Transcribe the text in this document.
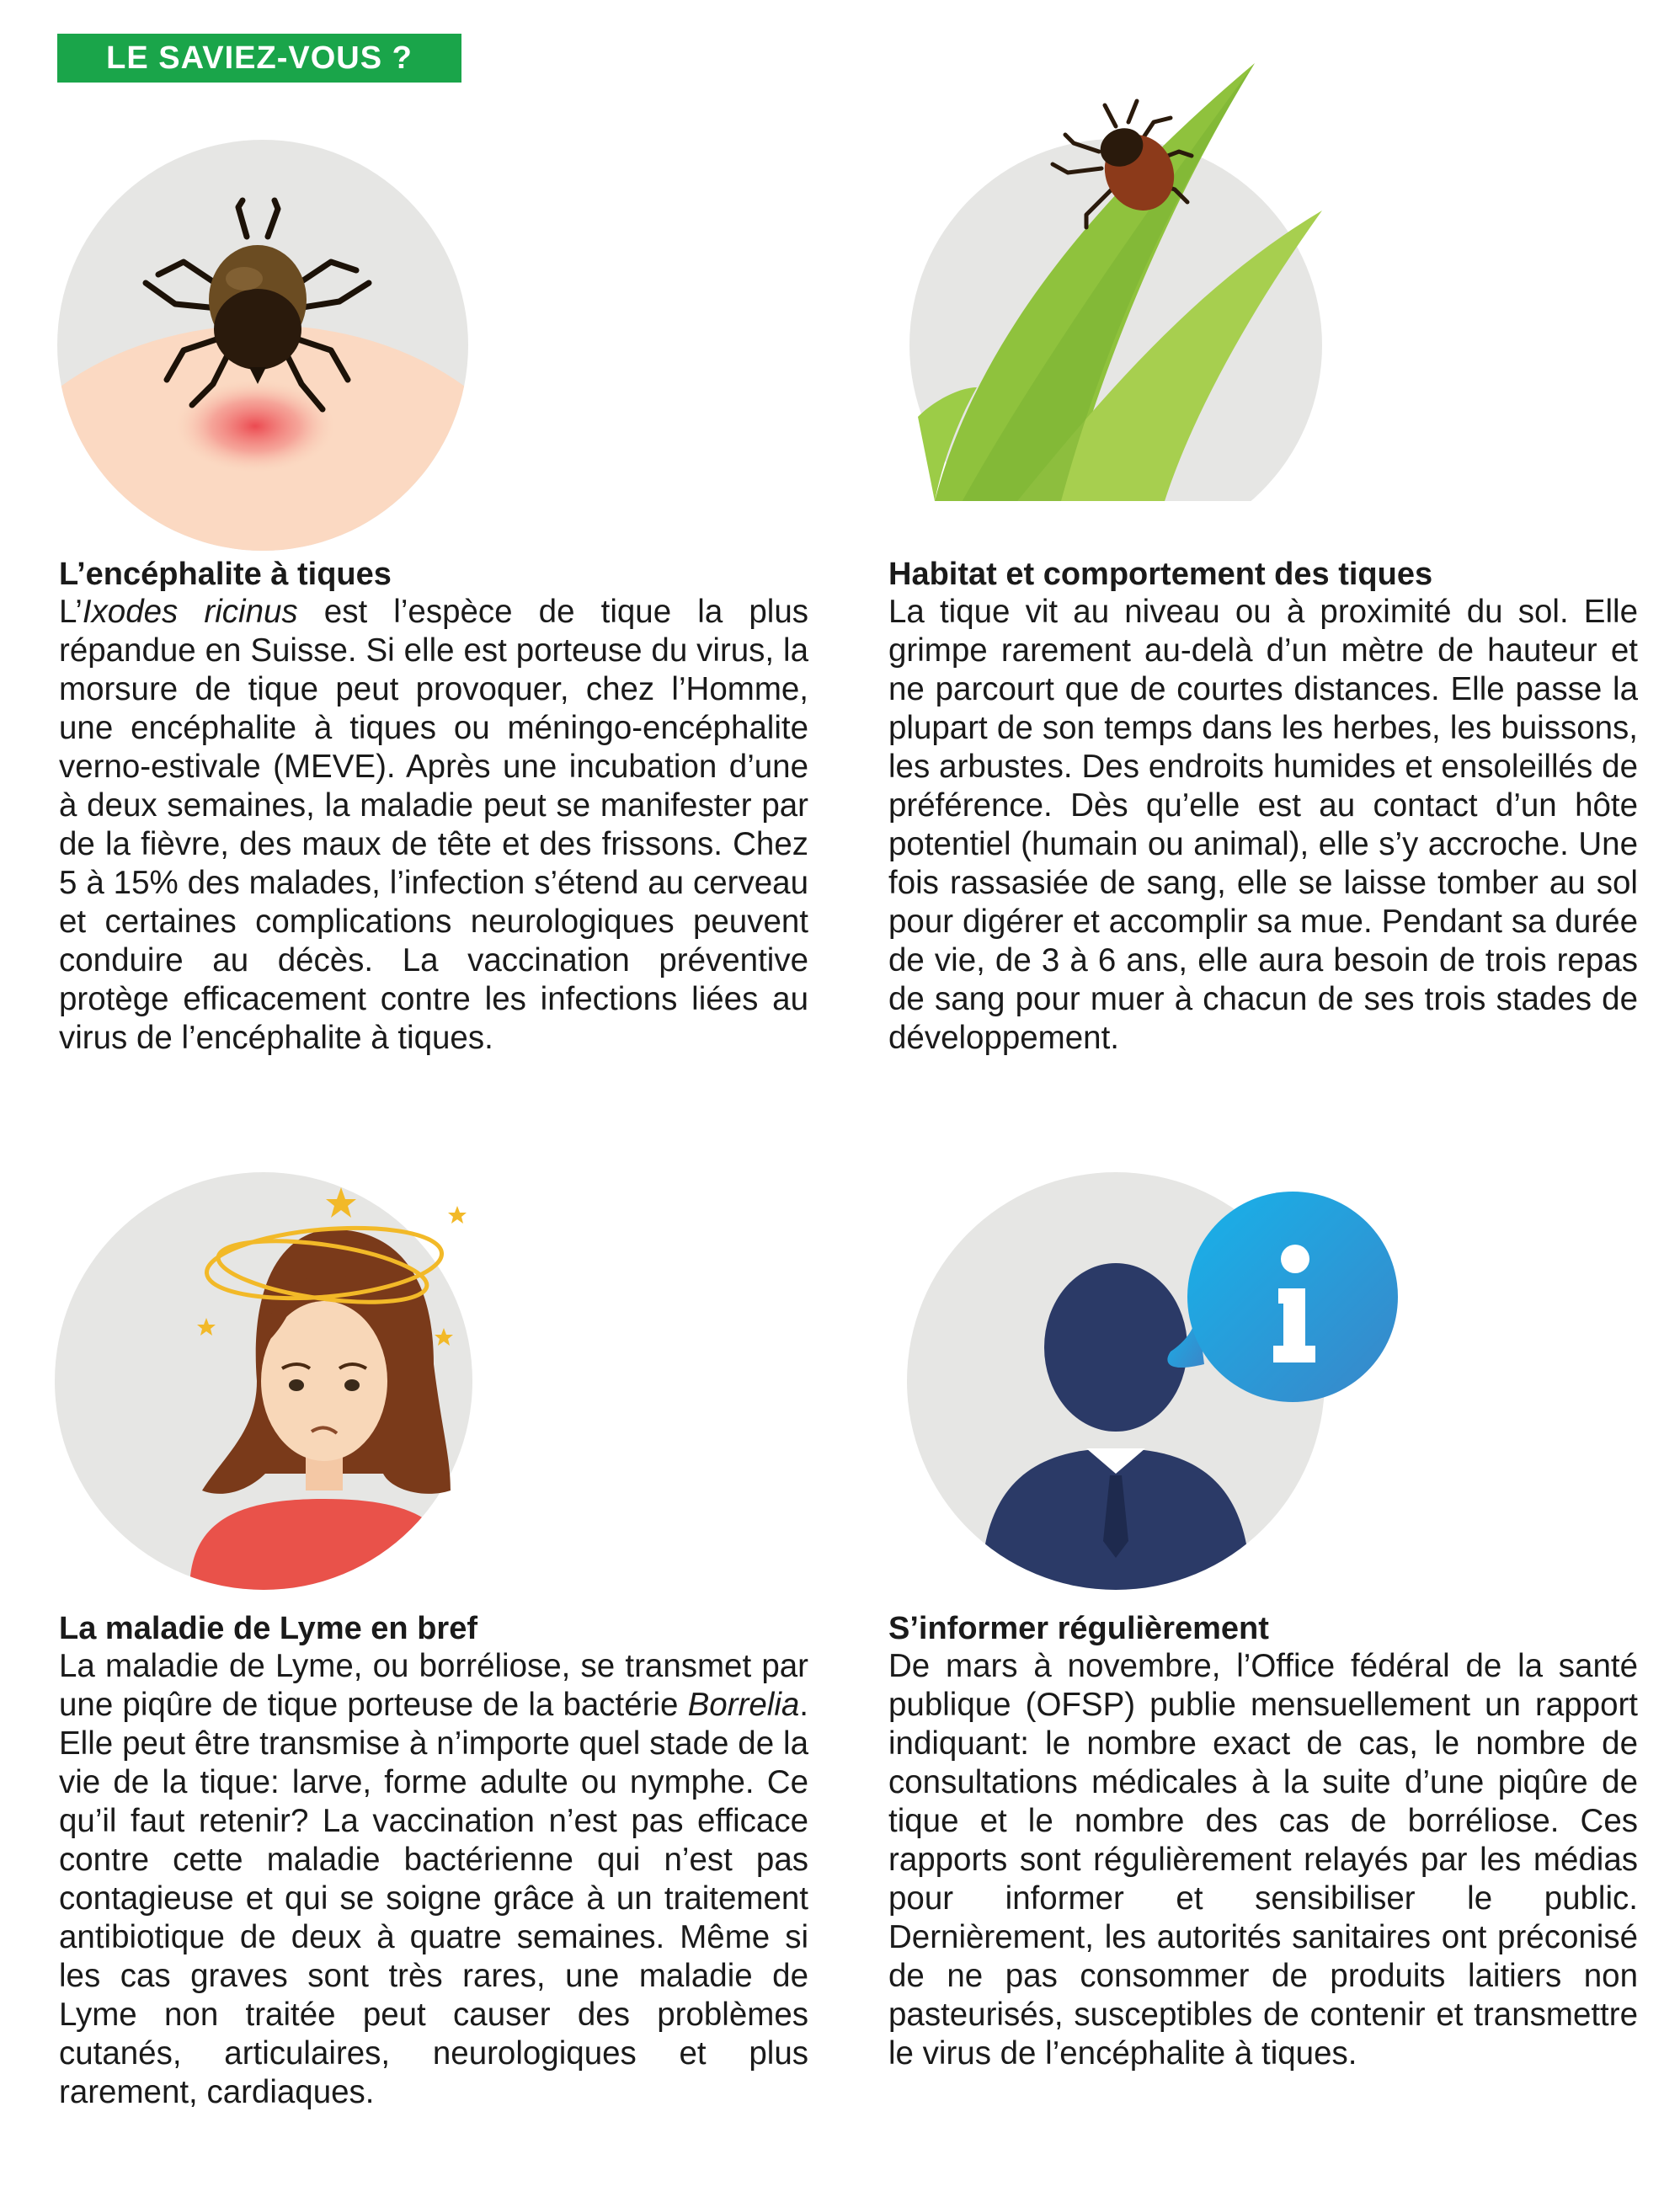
LE SAVIEZ-VOUS ?
L’encéphalite à tiques

L’Ixodes ricinus est l’espèce de tique la plus répandue en Suisse. Si elle est porteuse du virus, la morsure de tique peut provoquer, chez l’Homme, une encéphalite à tiques ou méningo-encéphalite verno-estivale (MEVE). Après une incubation d’une à deux semaines, la maladie peut se manifester par de la fièvre, des maux de tête et des frissons. Chez 5 à 15% des malades, l’infection s’étend au cerveau et certaines complications neurologiques peuvent conduire au décès. La vaccination préventive protège efficacement contre les infections liées au virus de l’encéphalite à tiques.

Habitat et comportement des tiques

La tique vit au niveau ou à proximité du sol. Elle grimpe rarement au-delà d’un mètre de hauteur et ne parcourt que de courtes distances. Elle passe la plupart de son temps dans les herbes, les buissons, les arbustes. Des endroits humides et ensoleillés de préférence. Dès qu’elle est au contact d’un hôte potentiel (humain ou animal), elle s’y accroche. Une fois rassasiée de sang, elle se laisse tomber au sol pour digérer et accomplir sa mue. Pendant sa durée de vie, de 3 à 6 ans, elle aura besoin de trois repas de sang pour muer à chacun de ses trois stades de développement.

La maladie de Lyme en bref

La maladie de Lyme, ou borréliose, se transmet par une piqûre de tique porteuse de la bactérie Borrelia. Elle peut être transmise à n’importe quel stade de la vie de la tique: larve, forme adulte ou nymphe. Ce qu’il faut retenir? La vaccination n’est pas efficace contre cette maladie bactérienne qui n’est pas contagieuse et qui se soigne grâce à un traitement antibiotique de deux à quatre semaines. Même si les cas graves sont très rares, une maladie de Lyme non traitée peut causer des problèmes cutanés, articulaires, neurologiques et plus rarement, cardiaques.

S’informer régulièrement

De mars à novembre, l’Office fédéral de la santé publique (OFSP) publie mensuellement un rapport indiquant: le nombre exact de cas, le nombre de consultations médicales à la suite d’une piqûre de tique et le nombre des cas de borréliose. Ces rapports sont régulièrement relayés par les médias pour informer et sensibiliser le public. Dernièrement, les autorités sanitaires ont préconisé de ne pas consommer de produits laitiers non pasteurisés, susceptibles de contenir et transmettre le virus de l’encéphalite à tiques.
